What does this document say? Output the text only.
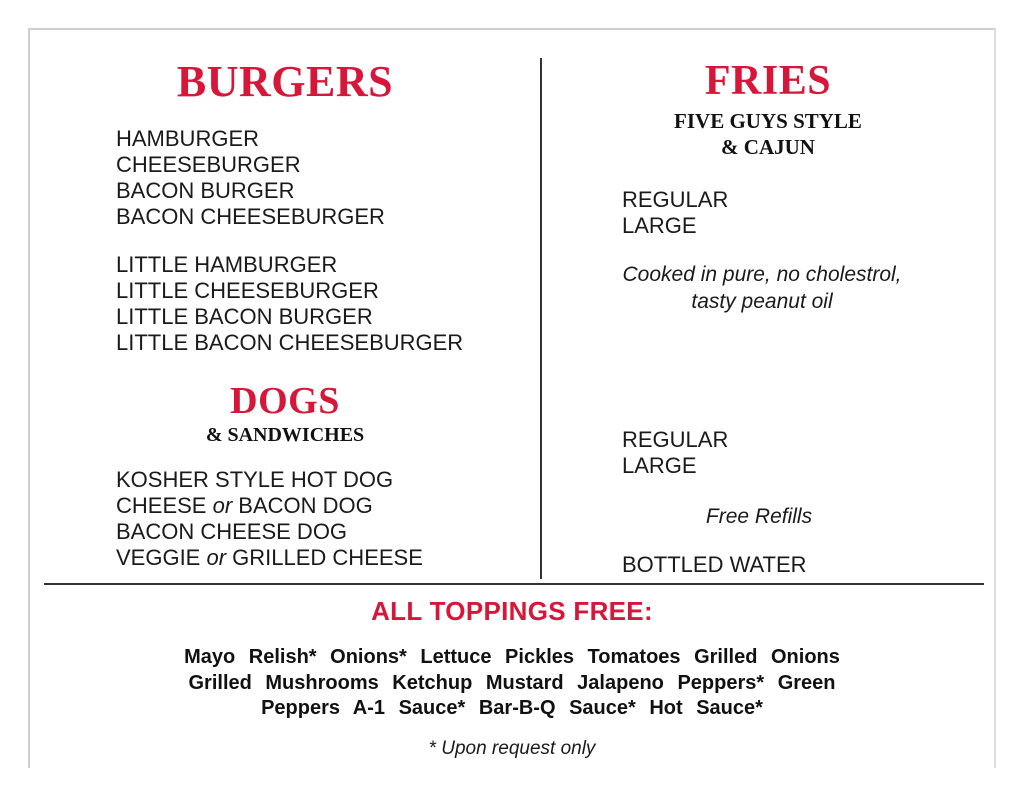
BURGERS
HAMBURGER
CHEESEBURGER
BACON BURGER
BACON CHEESEBURGER
LITTLE HAMBURGER
LITTLE CHEESEBURGER
LITTLE BACON BURGER
LITTLE BACON CHEESEBURGER
DOGS
& SANDWICHES
KOSHER STYLE HOT DOG
CHEESE or BACON DOG
BACON CHEESE DOG
VEGGIE or GRILLED CHEESE
FRIES
FIVE GUYS STYLE
& CAJUN
REGULAR
LARGE
Cooked in pure, no cholestrol,
tasty peanut oil
REGULAR
LARGE
Free Refills
BOTTLED WATER
ALL TOPPINGS FREE:
Mayo Relish* Onions* Lettuce Pickles Tomatoes Grilled Onions
Grilled Mushrooms Ketchup Mustard Jalapeno Peppers* Green
Peppers A-1 Sauce* Bar-B-Q Sauce* Hot Sauce*
* Upon request only
